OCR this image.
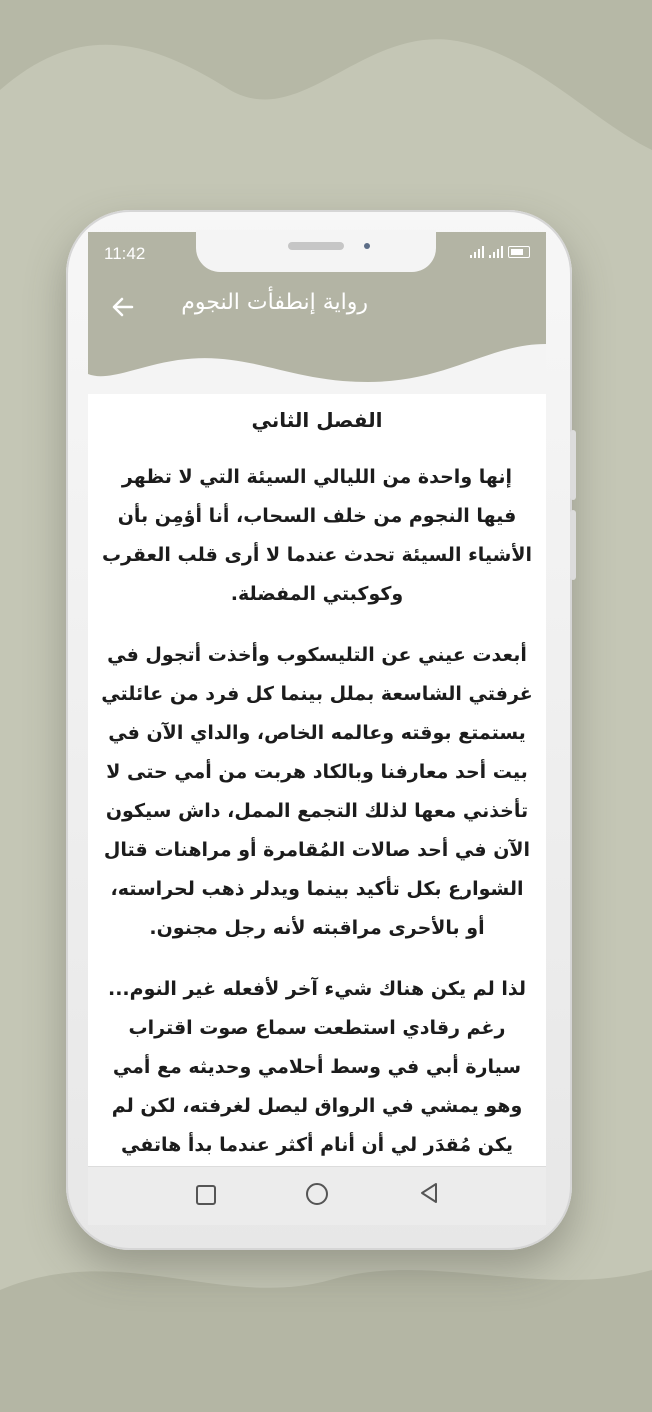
11:42
رواية إنطفأت النجوم
الفصل الثاني

إنها واحدة من الليالي السيئة التي لا تظهر فيها النجوم من خلف السحاب، أنا أؤمِن بأن الأشياء السيئة تحدث عندما لا أرى قلب العقرب وكوكبتي المفضلة.

أبعدت عيني عن التليسكوب وأخذت أتجول في غرفتي الشاسعة بملل بينما كل فرد من عائلتي يستمتع بوقته وعالمه الخاص، والداي الآن في بيت أحد معارفنا وبالكاد هربت من أمي حتى لا تأخذني معها لذلك التجمع الممل، داش سيكون الآن في أحد صالات المُقامرة أو مراهنات قتال الشوارع بكل تأكيد بينما ويدلر ذهب لحراسته، أو بالأحرى مراقبته لأنه رجل مجنون.

لذا لم يكن هناك شيء آخر لأفعله غير النوم... رغم رقادي استطعت سماع صوت اقتراب سيارة أبي في وسط أحلامي وحديثه مع أمي وهو يمشي في الرواق ليصل لغرفته، لكن لم يكن مُقدَر لي أن أنام أكثر عندما بدأ هاتفي
